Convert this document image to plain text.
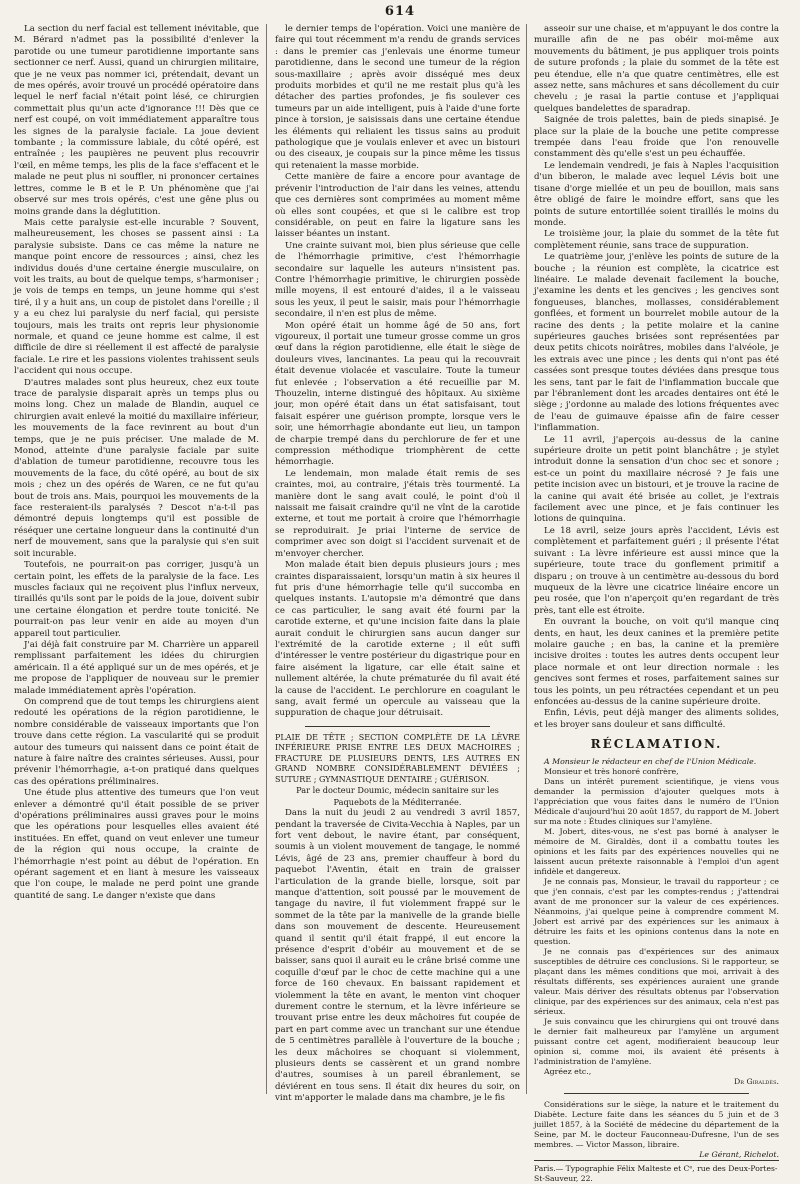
614

La section du nerf facial est tellement inévitable, que M. Bérard n'admet pas la possibilité d'enlever la parotide ou une tumeur parotidienne importante sans sectionner ce nerf. Aussi, quand un chirurgien militaire, que je ne veux pas nommer ici, prétendait, devant un de mes opérés, avoir trouvé un procédé opératoire dans lequel le nerf facial n'était point lésé, ce chirurgien commettait plus qu'un acte d'ignorance !!! Dès que ce nerf est coupé, on voit immédiatement apparaître tous les signes de la paralysie faciale. La joue devient tombante ; la commissure labiale, du côté opéré, est entraînée ; les paupières ne peuvent plus recouvrir l'œil, en même temps, les plis de la face s'effacent et le malade ne peut plus ni souffler, ni prononcer certaines lettres, comme le B et le P. Un phénomène que j'ai observé sur mes trois opérés, c'est une gêne plus ou moins grande dans la déglutition.

Mais cette paralysie est-elle incurable ? Souvent, malheureusement, les choses se passent ainsi : La paralysie subsiste. Dans ce cas même la nature ne manque point encore de ressources ; ainsi, chez les individus doués d'une certaine énergie musculaire, on voit les traits, au bout de quelque temps, s'harmoniser ; je vois de temps en temps, un jeune homme qui s'est tiré, il y a huit ans, un coup de pistolet dans l'oreille ; il y a eu chez lui paralysie du nerf facial, qui persiste toujours, mais les traits ont repris leur physionomie normale, et quand ce jeune homme est calme, il est difficile de dire si réellement il est affecté de paralysie faciale. Le rire et les passions violentes trahissent seuls l'accident qui nous occupe.

D'autres malades sont plus heureux, chez eux toute trace de paralysie disparait après un temps plus ou moins long. Chez un malade de Blandin, auquel ce chirurgien avait enlevé la moitié du maxillaire inférieur, les mouvements de la face revinrent au bout d'un temps, que je ne puis préciser. Une malade de M. Monod, atteinte d'une paralysie faciale par suite d'ablation de tumeur parotidienne, recouvre tous les mouvements de la face, du côté opéré, au bout de six mois ; chez un des opérés de Waren, ce ne fut qu'au bout de trois ans. Mais, pourquoi les mouvements de la face resteraient-ils paralysés ? Descot n'a-t-il pas démontré depuis longtemps qu'il est possible de réséquer une certaine longueur dans la continuité d'un nerf de mouvement, sans que la paralysie qui s'en suit soit incurable.

Toutefois, ne pourrait-on pas corriger, jusqu'à un certain point, les effets de la paralysie de la face. Les muscles faciaux qui ne reçoivent plus l'influx nerveux, tiraillés qu'ils sont par le poids de la joue, doivent subir une certaine élongation et perdre toute tonicité. Ne pourrait-on pas leur venir en aide au moyen d'un appareil tout particulier.

J'ai déjà fait construire par M. Charrière un appareil remplissant parfaitement les idées du chirurgien américain. Il a été appliqué sur un de mes opérés, et je me propose de l'appliquer de nouveau sur le premier malade immédiatement après l'opération.

On comprend que de tout temps les chirurgiens aient redouté les opérations de la région parotidienne, le nombre considérable de vaisseaux importants que l'on trouve dans cette région. La vascularité qui se produit autour des tumeurs qui naissent dans ce point était de nature à faire naître des craintes sérieuses. Aussi, pour prévenir l'hémorrhagie, a-t-on pratiqué dans quelques cas des opérations préliminaires.

Une étude plus attentive des tumeurs que l'on veut enlever a démontré qu'il était possible de se priver d'opérations préliminaires aussi graves pour le moins que les opérations pour lesquelles elles avaient été instituées. En effet, quand on veut enlever une tumeur de la région qui nous occupe, la crainte de l'hémorrhagie n'est point au début de l'opération. En opérant sagement et en liant à mesure les vaisseaux que l'on coupe, le malade ne perd point une grande quantité de sang. Le danger n'existe que dans

le dernier temps de l'opération. Voici une manière de faire qui tout récemment m'a rendu de grands services : dans le premier cas j'enlevais une énorme tumeur parotidienne, dans le second une tumeur de la région sous-maxillaire ; après avoir disséqué mes deux produits morbides et qu'il ne me restait plus qu'à les détacher des parties profondes, je fis soulever ces tumeurs par un aide intelligent, puis à l'aide d'une forte pince à torsion, je saisissais dans une certaine étendue les éléments qui reliaient les tissus sains au produit pathologique que je voulais enlever et avec un bistouri ou des ciseaux, je coupais sur la pince même les tissus qui retenaient la masse morbide.

Cette manière de faire a encore pour avantage de prévenir l'introduction de l'air dans les veines, attendu que ces dernières sont comprimées au moment même où elles sont coupées, et que si le calibre est trop considérable, on peut en faire la ligature sans les laisser béantes un instant.

Une crainte suivant moi, bien plus sérieuse que celle de l'hémorrhagie primitive, c'est l'hémorrhagie secondaire sur laquelle les auteurs n'insistent pas. Contre l'hémorrhagie primitive, le chirurgien possède mille moyens, il est entouré d'aides, il a le vaisseau sous les yeux, il peut le saisir, mais pour l'hémorrhagie secondaire, il n'en est plus de même.

Mon opéré était un homme âgé de 50 ans, fort vigoureux, il portait une tumeur grosse comme un gros œuf dans la région parotidienne, elle était le siège de douleurs vives, lancinantes. La peau qui la recouvrait était devenue violacée et vasculaire. Toute la tumeur fut enlevée ; l'observation a été recueillie par M. Thouzelin, interne distingué des hôpitaux. Au sixième jour, mon opéré était dans un état satisfaisant, tout faisait espérer une guérison prompte, lorsque vers le soir, une hémorrhagie abondante eut lieu, un tampon de charpie trempé dans du perchlorure de fer et une compression méthodique triomphèrent de cette hémorrhagie.

Le lendemain, mon malade était remis de ses craintes, moi, au contraire, j'étais très tourmenté. La manière dont le sang avait coulé, le point d'où il naissait me faisait craindre qu'il ne vînt de la carotide externe, et tout me portait à croire que l'hémorrhagie se reproduirait. Je priai l'interne de service de comprimer avec son doigt si l'accident survenait et de m'envoyer chercher.

Mon malade était bien depuis plusieurs jours ; mes craintes disparaissaient, lorsqu'un matin à six heures il fut pris d'une hémorrhagie telle qu'il succomba en quelques instants. L'autopsie m'a démontré que dans ce cas particulier, le sang avait été fourni par la carotide externe, et qu'une incision faite dans la plaie aurait conduit le chirurgien sans aucun danger sur l'extrémité de la carotide externe ; il eût suffi d'intéresser le ventre postérieur du digastrique pour en faire aisément la ligature, car elle était saine et nullement altérée, la chute prématurée du fil avait été la cause de l'accident. Le perchlorure en coagulant le sang, avait fermé un opercule au vaisseau que la suppuration de chaque jour détruisait.

PLAIE DE TÊTE ; SECTION COMPLÈTE DE LA LÈVRE INFÉRIEURE PRISE ENTRE LES DEUX MACHOIRES ; FRACTURE DE PLUSIEURS DENTS, LES AUTRES EN GRAND NOMBRE CONSIDÉRABLEMENT DÉVIÉES ; SUTURE ; GYMNASTIQUE DENTAIRE ; GUÉRISON.

Par le docteur Doumic, médecin sanitaire sur les Paquebots de la Méditerranée.

Dans la nuit du jeudi 2 au vendredi 3 avril 1857, pendant la traversée de Civita-Vecchia à Naples, par un fort vent debout, le navire étant, par conséquent, soumis à un violent mouvement de tangage, le nommé Lévis, âgé de 23 ans, premier chauffeur à bord du paquebot l'Aventin, était en train de graisser l'articulation de la grande bielle, lorsque, soit par manque d'attention, soit poussé par le mouvement de tangage du navire, il fut violemment frappé sur le sommet de la tête par la manivelle de la grande bielle dans son mouvement de descente. Heureusement quand il sentit qu'il était frappé, il eut encore la présence d'esprit d'obéir au mouvement et de se baisser, sans quoi il aurait eu le crâne brisé comme une coquille d'œuf par le choc de cette machine qui a une force de 160 chevaux. En baissant rapidement et violemment la tête en avant, le menton vint choquer durement contre le sternum, et la lèvre inférieure se trouvant prise entre les deux mâchoires fut coupée de part en part comme avec un tranchant sur une étendue de 5 centimètres parallèle à l'ouverture de la bouche ; les deux mâchoires se choquant si violemment, plusieurs dents se cassèrent et un grand nombre d'autres, soumises à un pareil ébranlement, se déviérent en tous sens. Il était dix heures du soir, on vint m'apporter le malade dans ma chambre, je le fis

asseoir sur une chaise, et m'appuyant le dos contre la muraille afin de ne pas obéir moi-même aux mouvements du bâtiment, je pus appliquer trois points de suture profonds ; la plaie du sommet de la tête est peu étendue, elle n'a que quatre centimètres, elle est assez nette, sans mâchures et sans décollement du cuir chevelu ; je rasai la partie contuse et j'appliquai quelques bandelettes de sparadrap.

Saignée de trois palettes, bain de pieds sinapisé. Je place sur la plaie de la bouche une petite compresse trempée dans l'eau froide que l'on renouvelle constamment dès qu'elle s'est un peu échauffée.

Le lendemain vendredi, je fais à Naples l'acquisition d'un biberon, le malade avec lequel Lévis boit une tisane d'orge miellée et un peu de bouillon, mais sans être obligé de faire le moindre effort, sans que les points de suture entortillée soient tiraillés le moins du monde.

Le troisième jour, la plaie du sommet de la tête fut complètement réunie, sans trace de suppuration.

Le quatrième jour, j'enlève les points de suture de la bouche ; la réunion est complète, la cicatrice est linéaire. Le malade devenait facilement la bouche, j'examine les dents et les gencives ; les gencives sont fongueuses, blanches, mollasses, considérablement gonflées, et forment un bourrelet mobile autour de la racine des dents ; la petite molaire et la canine supérieures gauches brisées sont représentées par deux petits chicots noirâtres, mobiles dans l'alvéole, je les extrais avec une pince ; les dents qui n'ont pas été cassées sont presque toutes déviées dans presque tous les sens, tant par le fait de l'inflammation buccale que par l'ébranlement dont les arcades dentaires ont été le siège ; j'ordonne au malade des lotions fréquentes avec de l'eau de guimauve épaisse afin de faire cesser l'inflammation.

Le 11 avril, j'aperçois au-dessus de la canine supérieure droite un petit point blanchâtre ; je stylet introduit donne la sensation d'un choc sec et sonore ; est-ce un point du maxillaire nécrosé ? Je fais une petite incision avec un bistouri, et je trouve la racine de la canine qui avait été brisée au collet, je l'extrais facilement avec une pince, et je fais continuer les lotions de quinquina.

Le 18 avril, seize jours après l'accident, Lévis est complètement et parfaitement guéri ; il présente l'état suivant : La lèvre inférieure est aussi mince que la supérieure, toute trace du gonflement primitif a disparu ; on trouve à un centimètre au-dessous du bord muqueux de la lèvre une cicatrice linéaire encore un peu rosée, que l'on n'aperçoit qu'en regardant de très près, tant elle est étroite.

En ouvrant la bouche, on voit qu'il manque cinq dents, en haut, les deux canines et la première petite molaire gauche ; en bas, la canine et la première incisive droites : toutes les autres dents occupent leur place normale et ont leur direction normale : les gencives sont fermes et roses, parfaitement saines sur tous les points, un peu rétractées cependant et un peu enfoncées au-dessus de la canine supérieure droite.

Enfin, Lévis, peut déjà manger des aliments solides, et les broyer sans douleur et sans difficulté.

RÉCLAMATION.

A Monsieur le rédacteur en chef de l'Union Médicale.

Monsieur et très honoré confrère,

Dans un intérêt purement scientifique, je viens vous demander la permission d'ajouter quelques mots à l'appréciation que vous faites dans le numéro de l'Union Médicale d'aujourd'hui 20 août 1857, du rapport de M. Jobert sur ma note : Études cliniques sur l'amylène.

M. Jobert, dites-vous, ne s'est pas borné à analyser le mémoire de M. Giraldès, dont il a combattu toutes les opinions et les faits par des expériences nouvelles qui ne laissent aucun prétexte raisonnable à l'emploi d'un agent infidèle et dangereux.

Je ne connais pas, Monsieur, le travail du rapporteur ; ce que j'en connais, c'est par les comptes-rendus ; j'attendrai avant de me prononcer sur la valeur de ces expériences. Néanmoins, j'ai quelque peine à comprendre comment M. Jobert est arrivé par des expériences sur les animaux à détruire les faits et les opinions contenus dans la note en question.

Je ne connais pas d'expériences sur des animaux susceptibles de détruire ces conclusions. Si le rapporteur, se plaçant dans les mêmes conditions que moi, arrivait à des résultats différents, ses expériences auraient une grande valeur. Mais dériver des résultats obtenus par l'observation clinique, par des expériences sur des animaux, cela n'est pas sérieux.

Je suis convaincu que les chirurgiens qui ont trouvé dans le dernier fait malheureux par l'amylène un argument puissant contre cet agent, modifieraient beaucoup leur opinion si, comme moi, ils avaient été présents à l'administration de l'amylène.

Agréez etc.,

Dr Giraldès.

Considérations sur le siège, la nature et le traitement du Diabète. Lecture faite dans les séances du 5 juin et de 3 juillet 1857, à la Société de médecine du département de la Seine, par M. le docteur Fauconneau-Dufresne, l'un de ses membres. — Victor Masson, libraire.

Le Gérant, Richelot.

Paris.— Typographie Félix Malteste et Cᵉ, rue des Deux-Portes-St-Sauveur, 22.
